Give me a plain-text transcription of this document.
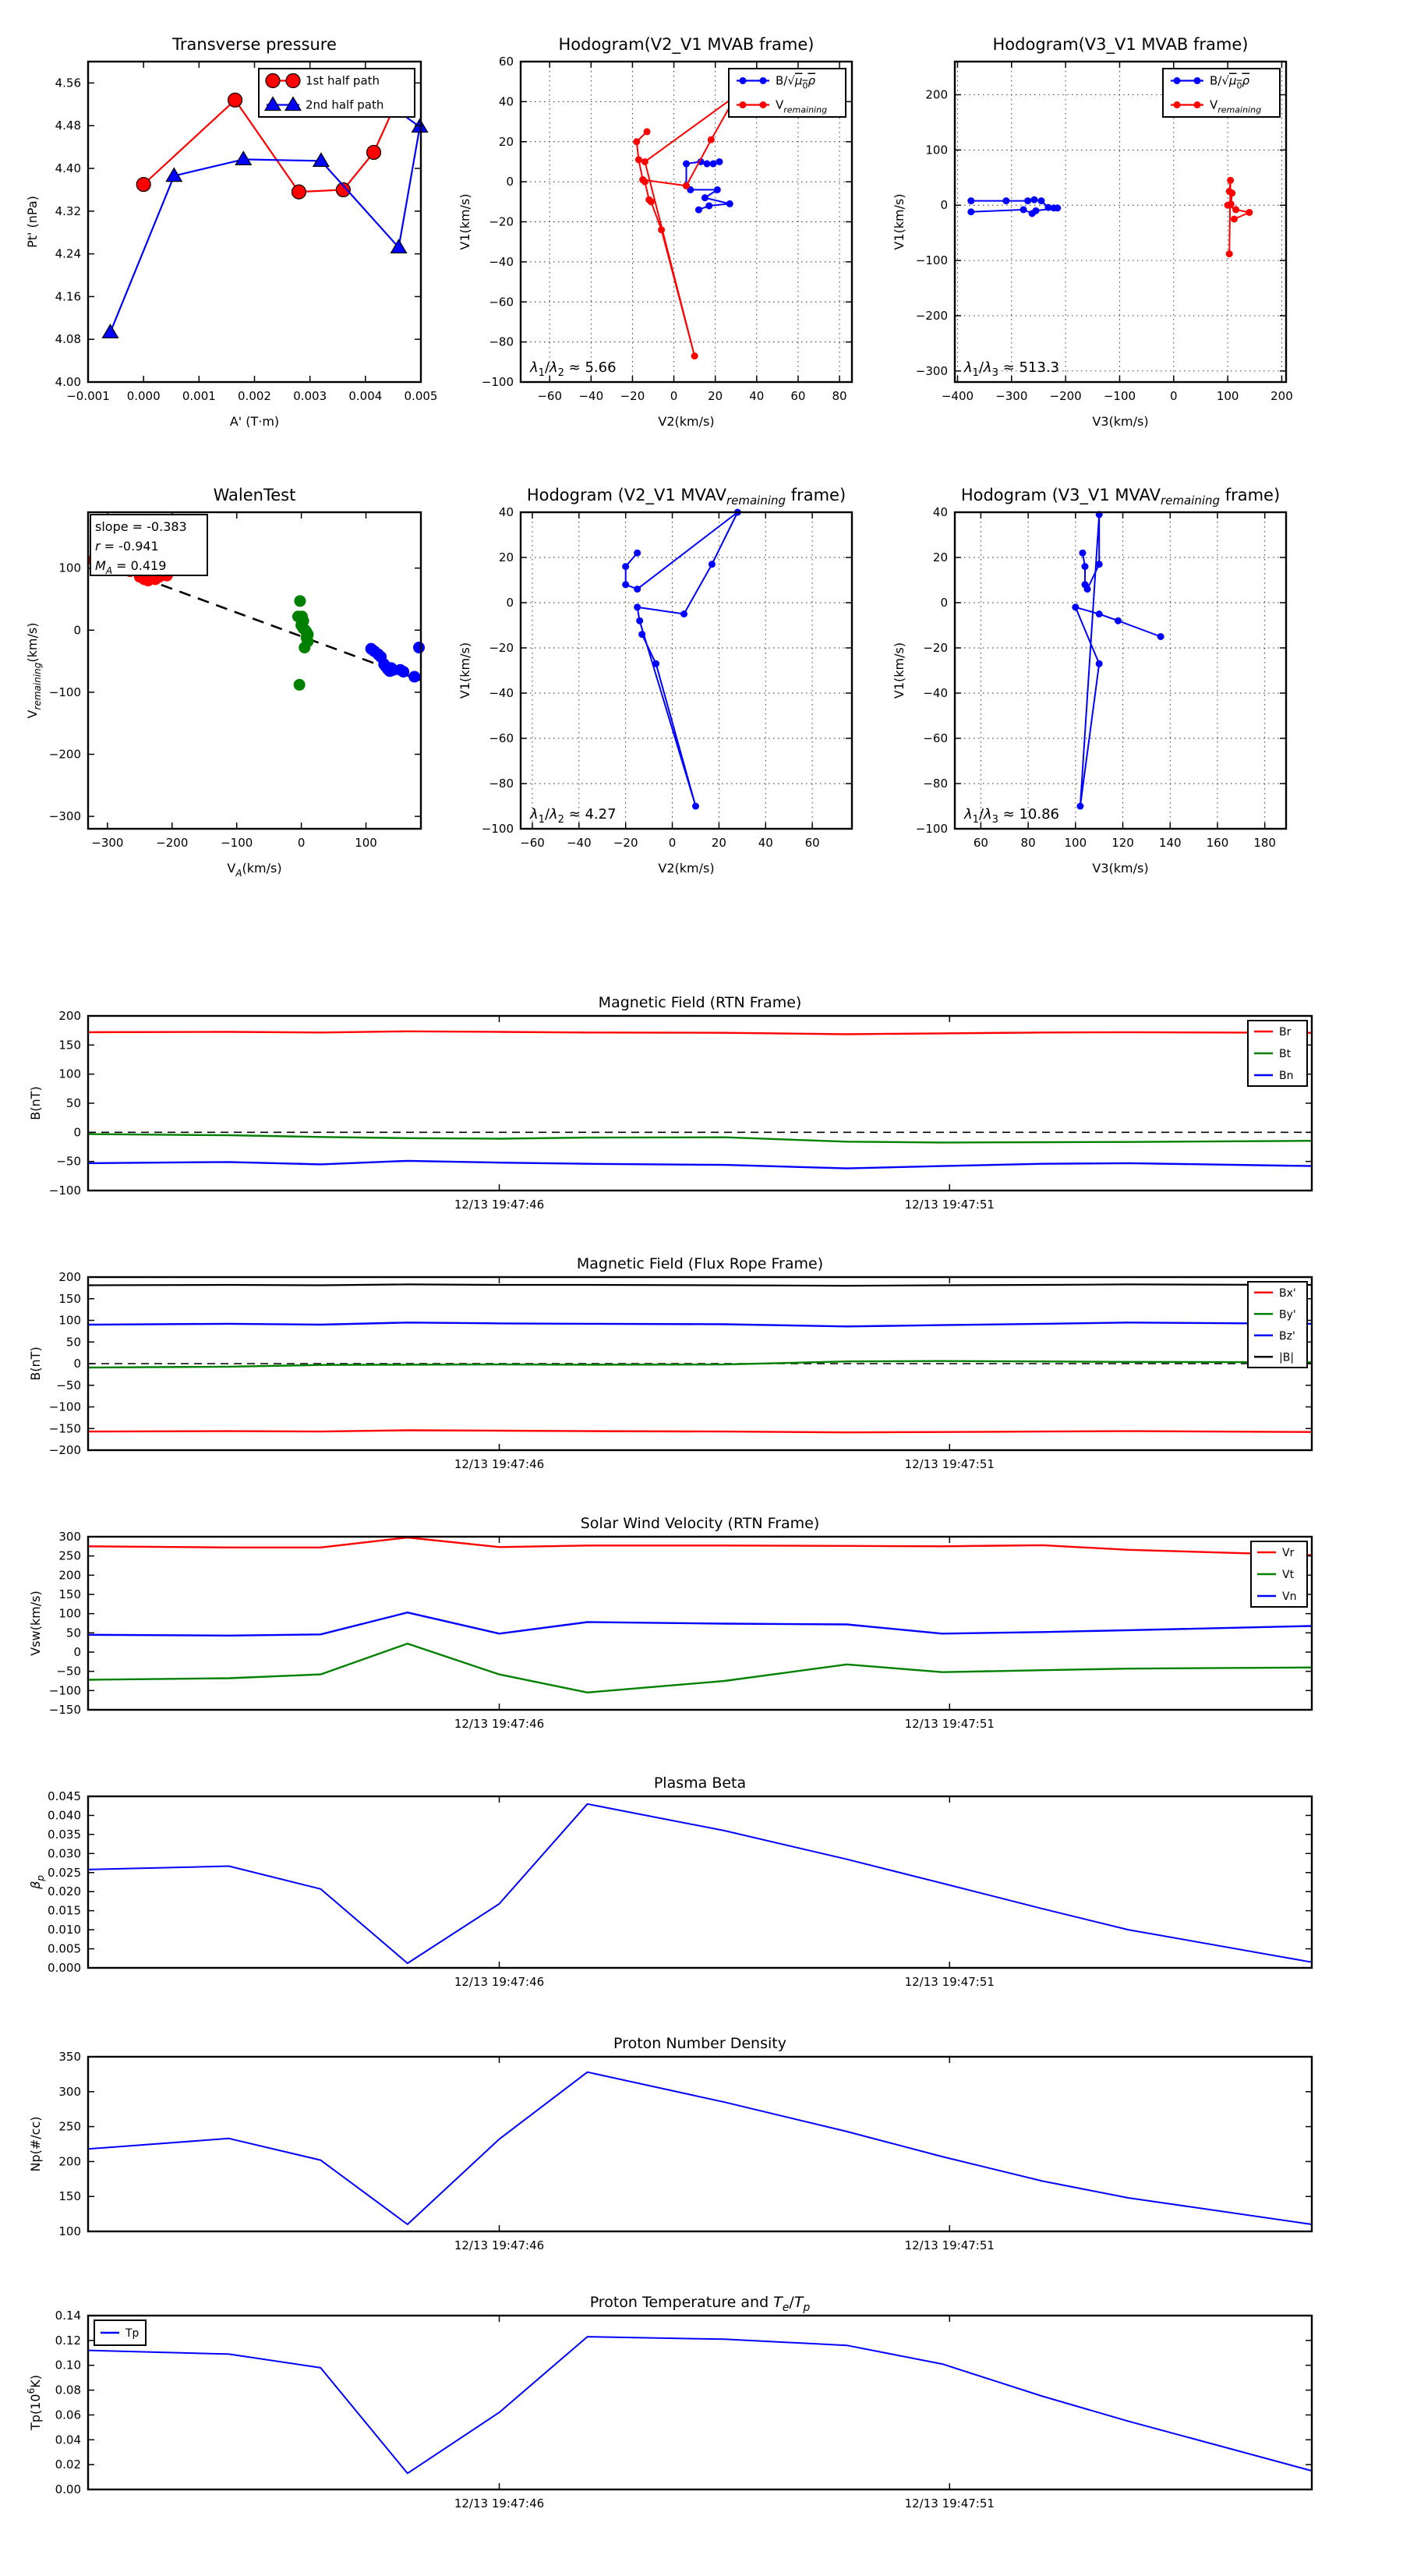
−0.001 0.000 0.001 0.002 0.003 0.004 0.005
4.00
4.08
4.16
4.24
4.32
4.40
4.48
4.56
Transverse pressure
A' (T·m)
Pt' (nPa)
1st half path
2nd half path
−60 −40 −20 0	20 40 60 80
−100
−80
−60
−40
−20
0
20
40
60
Hodogram(V2_V1 MVAB frame)
V2(km/s)
V1(km/s)
$\lambda_1/\lambda_2 \approx 5.66$
$B/√\mu_0\rho$
$V_{remaining}$
−400 −300 −200 −100	0	100	200
−300
−200
−100
0
100
200
Hodogram(V3_V1 MVAB frame)
V3(km/s)
V1(km/s)
$\lambda_1/\lambda_3 \approx 513.3$
$B/√\mu_0\rho$
$V_{remaining}$
−300	−200	−100	0	100
−300
−200
−100
0
100
WalenTest
$V_A(km/s)$
$V_{remaining}(km/s)$
slope = -0.383
r = -0.941
$M_A = 0.419$
−60 −40 −20	0	20	40	60
−100
−80
−60
−40
−20
0
20
40
Hodogram (V2_V1 $MVAV_{remaining}$ frame)
V2(km/s)
V1(km/s)
$\lambda_1/\lambda_2 \approx 4.27$
60	80 100 120 140 160 180
−100
−80
−60
−40
−20
0
20
40
Hodogram (V3_V1 $MVAV_{remaining}$ frame)
V3(km/s)
V1(km/s)
$\lambda_1/\lambda_3 \approx 10.86$
12/13 19:47:46	12/13 19:47:51
−100
−50
0
50
100
150
200
Magnetic Field (RTN Frame)
B(nT)
Br
Bt
Bn
12/13 19:47:46	12/13 19:47:51
−200
−150
−100
−50
0
50
100
150
200
Magnetic Field (Flux Rope Frame)
B(nT)
Bx'
By'
Bz'
|B|
12/13 19:47:46	12/13 19:47:51
−150
−100
−50
0
50
100
150
200
250
300
Solar Wind Velocity (RTN Frame)
Vsw(km/s)
Vr
Vt
Vn
12/13 19:47:46	12/13 19:47:51
0.000
0.005
0.010
0.015
0.020
0.025
0.030
0.035
0.040
0.045
Plasma Beta
$\beta_p$
12/13 19:47:46	12/13 19:47:51
100
150
200
250
300
350
Proton Number Density
Np(#/cc)
12/13 19:47:46	12/13 19:47:51
0.00
0.02
0.04
0.06
0.08
0.10
0.12
0.14
Proton Temperature and $T_e/T_p$
$Tp(10^6K)$
Tp
